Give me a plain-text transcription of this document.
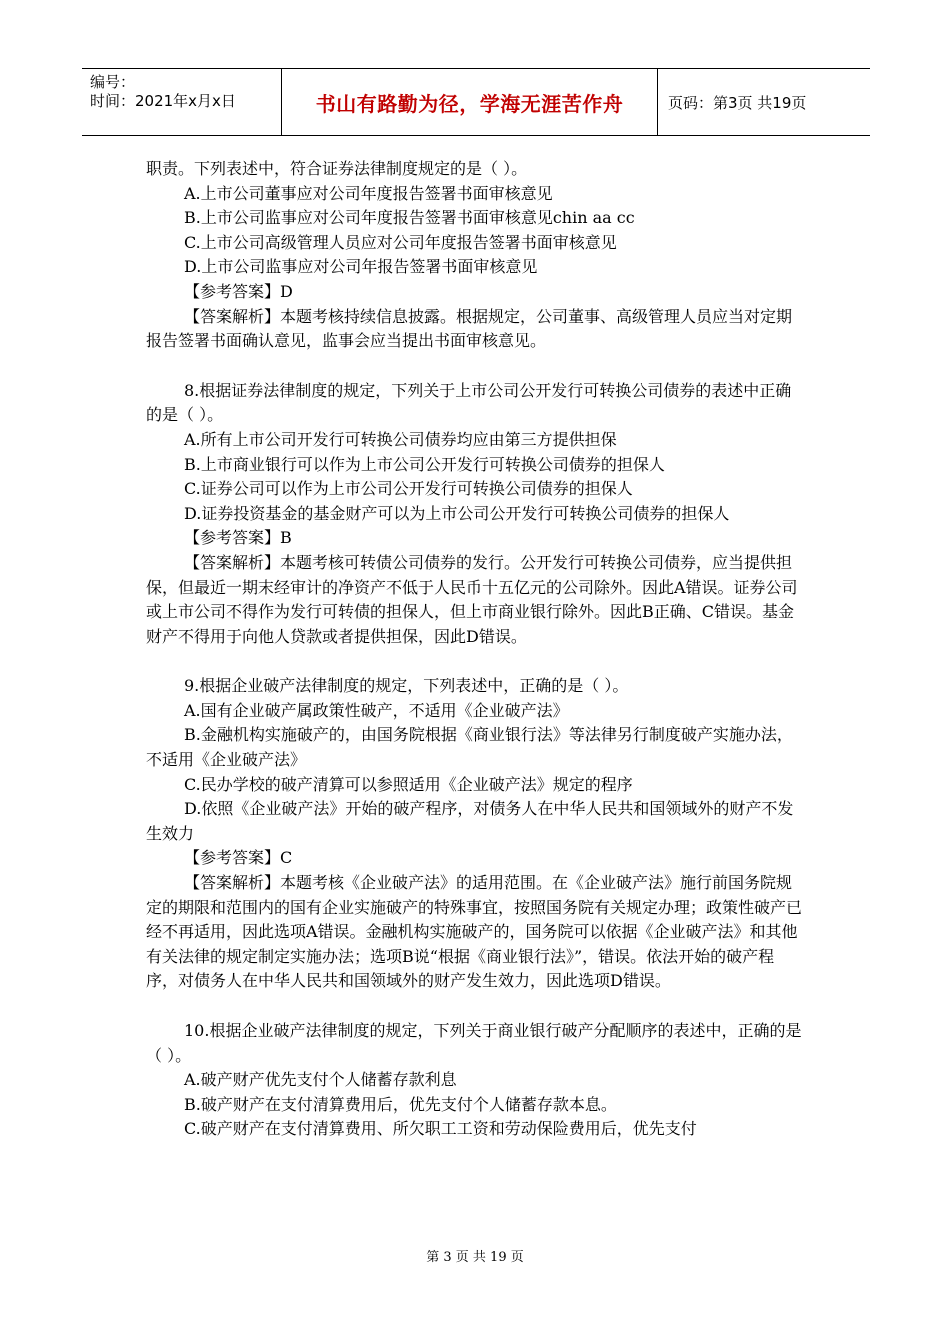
编号：
时间：2021年x月x日	书山有路勤为径，学海无涯苦作舟	页码：第3页 共19页

职责。下列表述中，符合证券法律制度规定的是（ ）。

A.上市公司董事应对公司年度报告签署书面审核意见

B.上市公司监事应对公司年度报告签署书面审核意见chin aa cc

C.上市公司高级管理人员应对公司年度报告签署书面审核意见

D.上市公司监事应对公司年报告签署书面审核意见

【参考答案】D

【答案解析】本题考核持续信息披露。根据规定，公司董事、高级管理人员应当对定期报告签署书面确认意见，监事会应当提出书面审核意见。

8.根据证券法律制度的规定，下列关于上市公司公开发行可转换公司债券的表述中正确的是（ ）。

A.所有上市公司开发行可转换公司债券均应由第三方提供担保

B.上市商业银行可以作为上市公司公开发行可转换公司债券的担保人

C.证券公司可以作为上市公司公开发行可转换公司债券的担保人

D.证券投资基金的基金财产可以为上市公司公开发行可转换公司债券的担保人

【参考答案】B

【答案解析】本题考核可转债公司债券的发行。公开发行可转换公司债券，应当提供担保，但最近一期末经审计的净资产不低于人民币十五亿元的公司除外。因此A错误。证券公司或上市公司不得作为发行可转债的担保人，但上市商业银行除外。因此B正确、C错误。基金财产不得用于向他人贷款或者提供担保，因此D错误。

9.根据企业破产法律制度的规定，下列表述中，正确的是（ ）。

A.国有企业破产属政策性破产，不适用《企业破产法》

B.金融机构实施破产的，由国务院根据《商业银行法》等法律另行制度破产实施办法，不适用《企业破产法》

C.民办学校的破产清算可以参照适用《企业破产法》规定的程序

D.依照《企业破产法》开始的破产程序，对债务人在中华人民共和国领域外的财产不发生效力

【参考答案】C

【答案解析】本题考核《企业破产法》的适用范围。在《企业破产法》施行前国务院规定的期限和范围内的国有企业实施破产的特殊事宜，按照国务院有关规定办理；政策性破产已经不再适用，因此选项A错误。金融机构实施破产的，国务院可以依据《企业破产法》和其他有关法律的规定制定实施办法；选项B说“根据《商业银行法》”，错误。依法开始的破产程序，对债务人在中华人民共和国领域外的财产发生效力，因此选项D错误。

10.根据企业破产法律制度的规定，下列关于商业银行破产分配顺序的表述中，正确的是（ ）。

A.破产财产优先支付个人储蓄存款利息

B.破产财产在支付清算费用后，优先支付个人储蓄存款本息。

C.破产财产在支付清算费用、所欠职工工资和劳动保险费用后，优先支付

第 3 页 共 19 页
